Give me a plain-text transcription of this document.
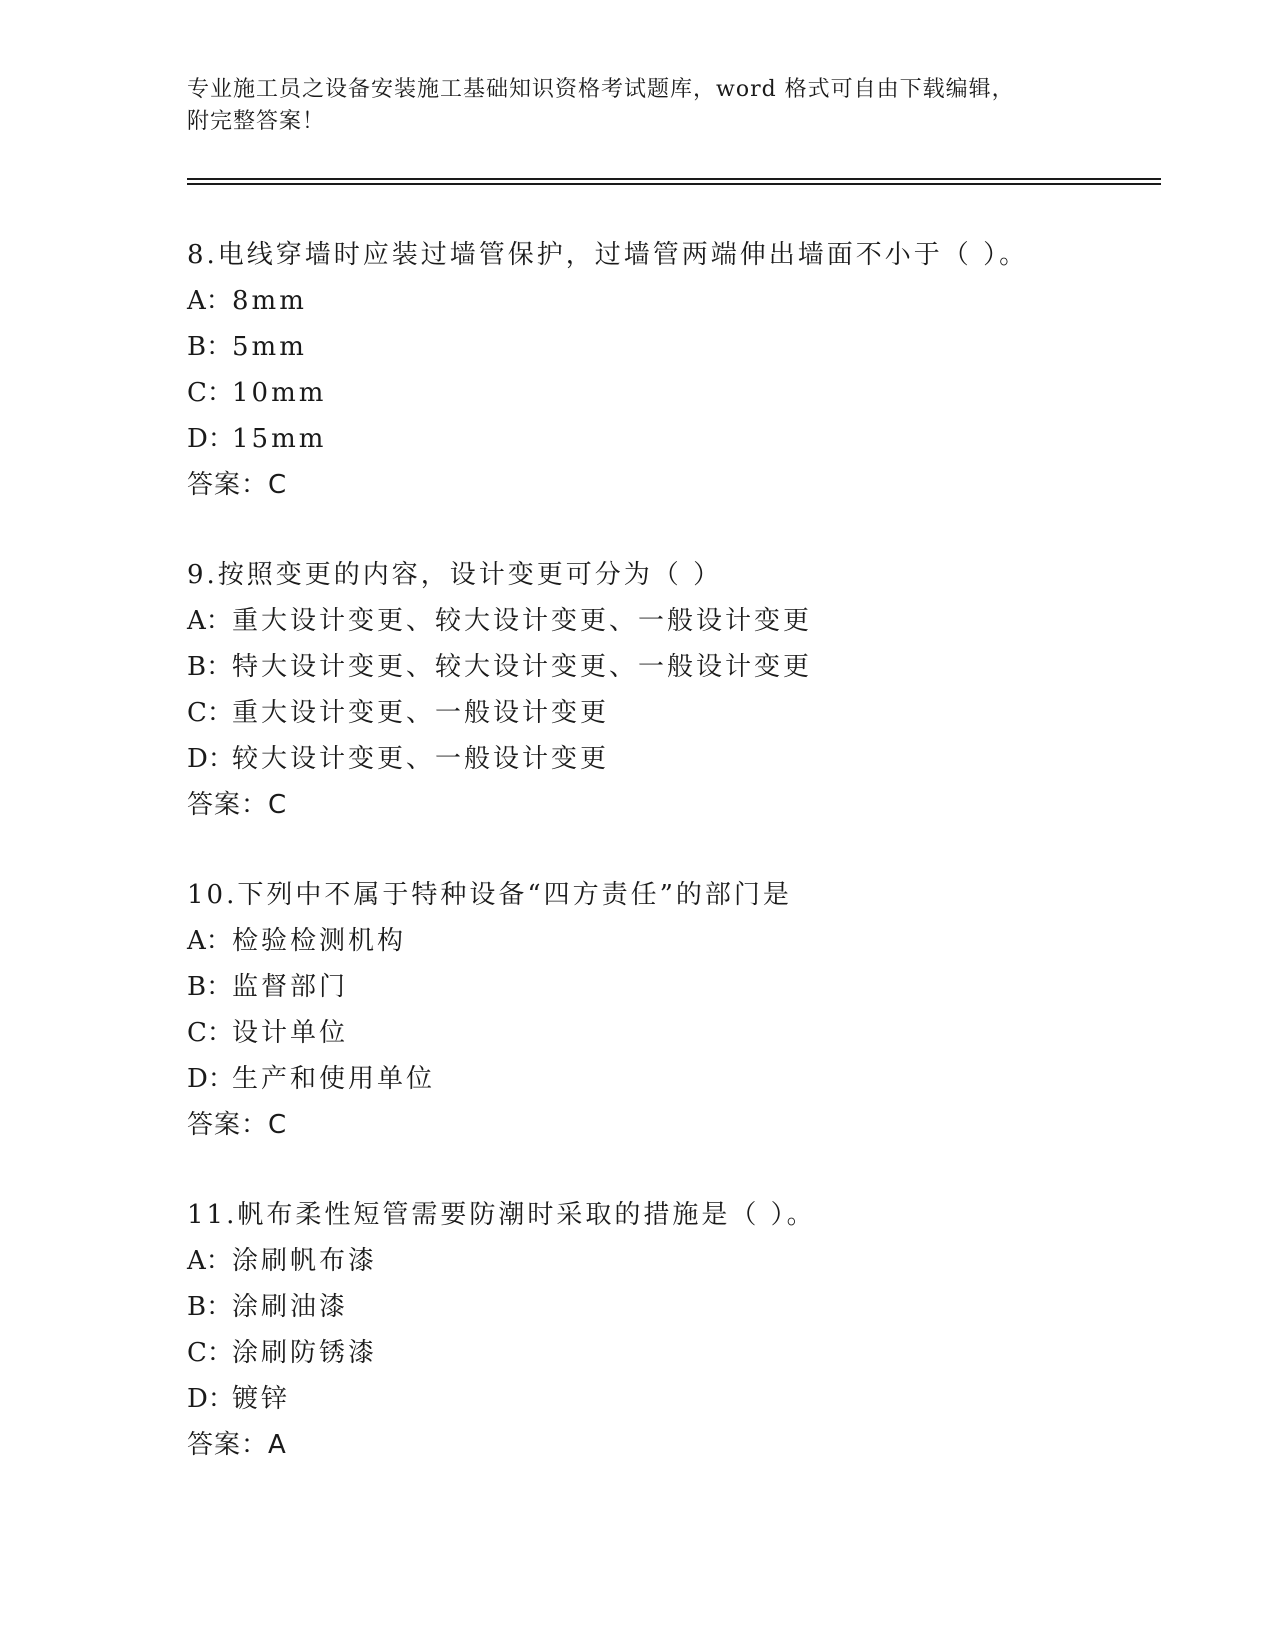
专业施工员之设备安装施工基础知识资格考试题库，word 格式可自由下载编辑，
附完整答案！
8.电线穿墙时应装过墙管保护，过墙管两端伸出墙面不小于（ ）。
A：8mm
B：5mm
C：10mm
D：15mm
答案：C
9.按照变更的内容，设计变更可分为（ ）
A：重大设计变更、较大设计变更、一般设计变更
B：特大设计变更、较大设计变更、一般设计变更
C：重大设计变更、一般设计变更
D：较大设计变更、一般设计变更
答案：C
10.下列中不属于特种设备“四方责任”的部门是
A：检验检测机构
B：监督部门
C：设计单位
D：生产和使用单位
答案：C
11.帆布柔性短管需要防潮时采取的措施是（ ）。
A：涂刷帆布漆
B：涂刷油漆
C：涂刷防锈漆
D：镀锌
答案：A
